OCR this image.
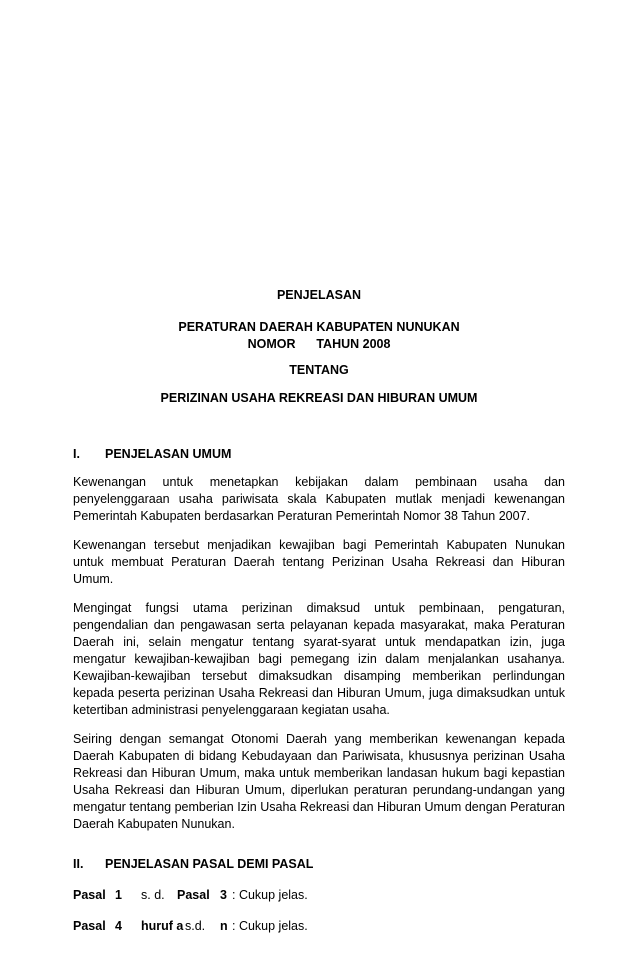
PENJELASAN
PERATURAN DAERAH KABUPATEN NUNUKAN
NOMOR TAHUN 2008
TENTANG
PERIZINAN USAHA REKREASI DAN HIBURAN UMUM
I.	PENJELASAN UMUM

Kewenangan untuk menetapkan kebijakan dalam pembinaan usaha dan penyelenggaraan usaha pariwisata skala Kabupaten mutlak menjadi kewenangan Pemerintah Kabupaten berdasarkan Peraturan Pemerintah Nomor 38 Tahun 2007.

Kewenangan tersebut menjadikan kewajiban bagi Pemerintah Kabupaten Nunukan untuk membuat Peraturan Daerah tentang Perizinan Usaha Rekreasi dan Hiburan Umum.

Mengingat fungsi utama perizinan dimaksud untuk pembinaan, pengaturan, pengendalian dan pengawasan serta pelayanan kepada masyarakat, maka Peraturan Daerah ini, selain mengatur tentang syarat-syarat untuk mendapatkan izin, juga mengatur kewajiban-kewajiban bagi pemegang izin dalam menjalankan usahanya. Kewajiban-kewajiban tersebut dimaksudkan disamping memberikan perlindungan kepada peserta perizinan Usaha Rekreasi dan Hiburan Umum, juga dimaksudkan untuk ketertiban administrasi penyelenggaraan kegiatan usaha.

Seiring dengan semangat Otonomi Daerah yang memberikan kewenangan kepada Daerah Kabupaten di bidang Kebudayaan dan Pariwisata, khususnya perizinan Usaha Rekreasi dan Hiburan Umum, maka untuk memberikan landasan hukum bagi kepastian Usaha Rekreasi dan Hiburan Umum, diperlukan peraturan perundang-undangan yang mengatur tentang pemberian Izin Usaha Rekreasi dan Hiburan Umum dengan Peraturan Daerah Kabupaten Nunukan.

II.	PENJELASAN PASAL DEMI PASAL
Pasal 1	s. d. Pasal 3 : Cukup jelas.
Pasal 4	huruf a s.d.	n : Cukup jelas.
